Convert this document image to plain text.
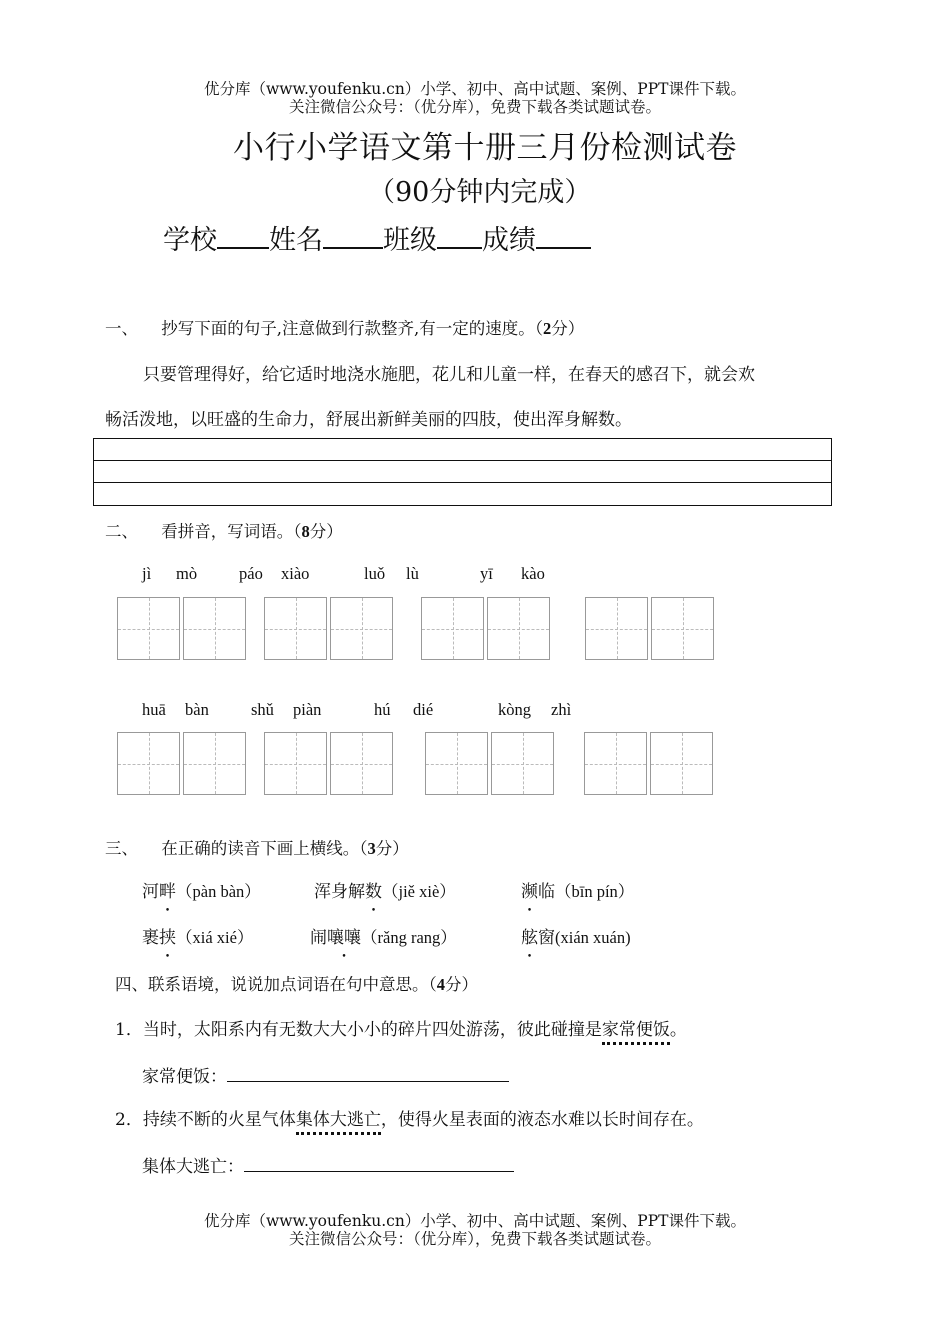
优分库（www.youfenku.cn）小学、初中、高中试题、案例、PPT课件下载。
关注微信公众号：（优分库），免费下载各类试题试卷。
小行小学语文第十册三月份检测试卷
（90分钟内完成）
学校 姓名 班级 成绩
一、 抄写下面的句子,注意做到行款整齐,有一定的速度。（2分）
只要管理得好，给它适时地浇水施肥，花儿和儿童一样，在春天的感召下，就会欢
畅活泼地，以旺盛的生命力，舒展出新鲜美丽的四肢，使出浑身解数。
二、 看拼音，写词语。（8分）
jì mò	páo xiào	luǒ lù	yī kào
huā bàn	shǔ piàn	hú dié	kòng zhì
三、 在正确的读音下画上横线。（3分）
河畔（pàn bàn）	浑身解数（jiě xiè）	濒临（bīn pín）
裹挟（xiá xié）	闹嚷嚷（rǎng rang）	舷窗(xián xuán)
四、联系语境，说说加点词语在句中意思。（4分）
1．当时，太阳系内有无数大大小小的碎片四处游荡，彼此碰撞是家常便饭。
家常便饭：
2．持续不断的火星气体集体大逃亡，使得火星表面的液态水难以长时间存在。
集体大逃亡：
优分库（www.youfenku.cn）小学、初中、高中试题、案例、PPT课件下载。
关注微信公众号：（优分库），免费下载各类试题试卷。
